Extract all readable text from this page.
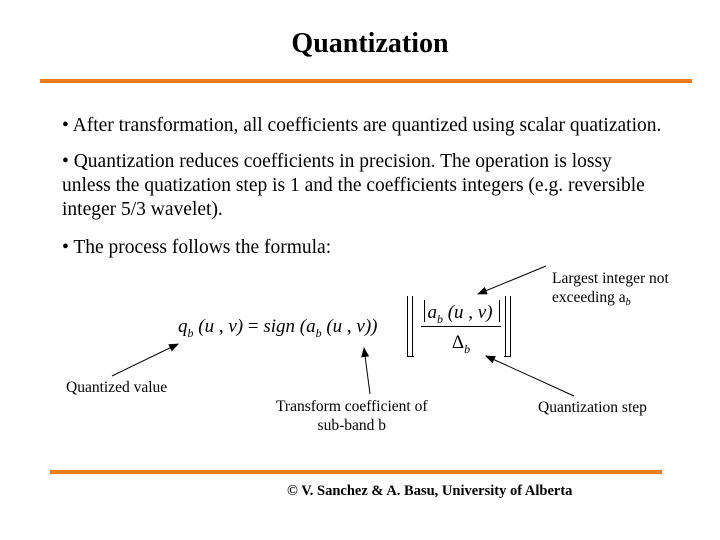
Quantization
• After transformation, all coefficients are quantized using scalar quatization.
• Quantization reduces coefficients in precision. The operation is lossy
unless the quatization step is 1 and the coefficients integers (e.g. reversible
integer 5/3 wavelet).
• The process follows the formula:
$q_b$ (u , v) = sign ($a_b$ (u , v))
$a_b$ (u , v)
$\Delta_b$
Largest integer not
exceeding ab
Quantized value
Transform coefficient of
sub-band b
Quantization step
© V. Sanchez & A. Basu, University of Alberta
